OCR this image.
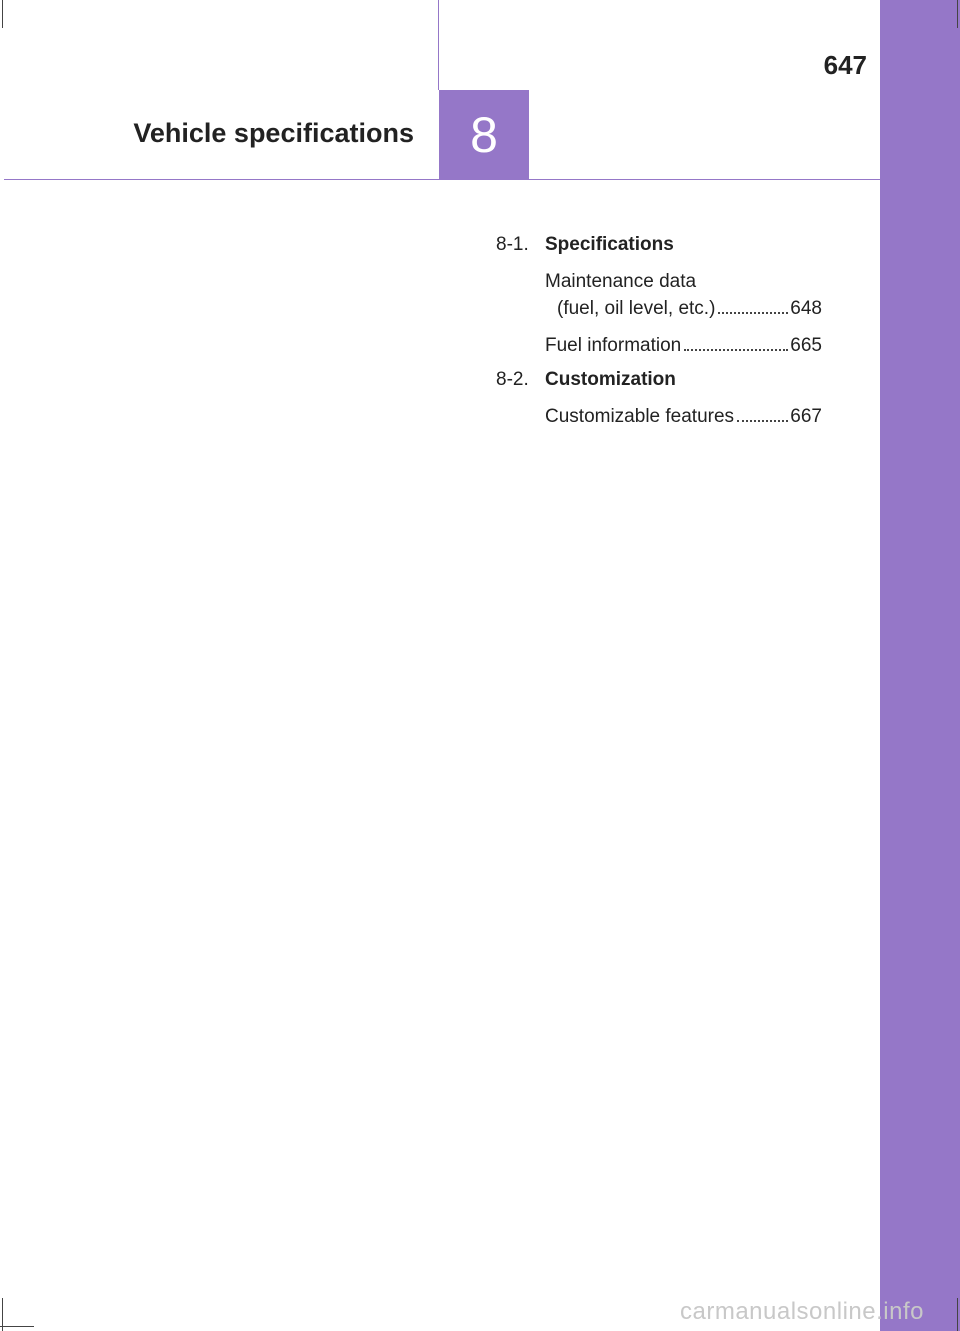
647
Vehicle specifications 8
8-1. Specifications
Maintenance data
(fuel, oil level, etc.)	648
Fuel information	665
8-2. Customization
Customizable features	667
carmanualsonline.info
